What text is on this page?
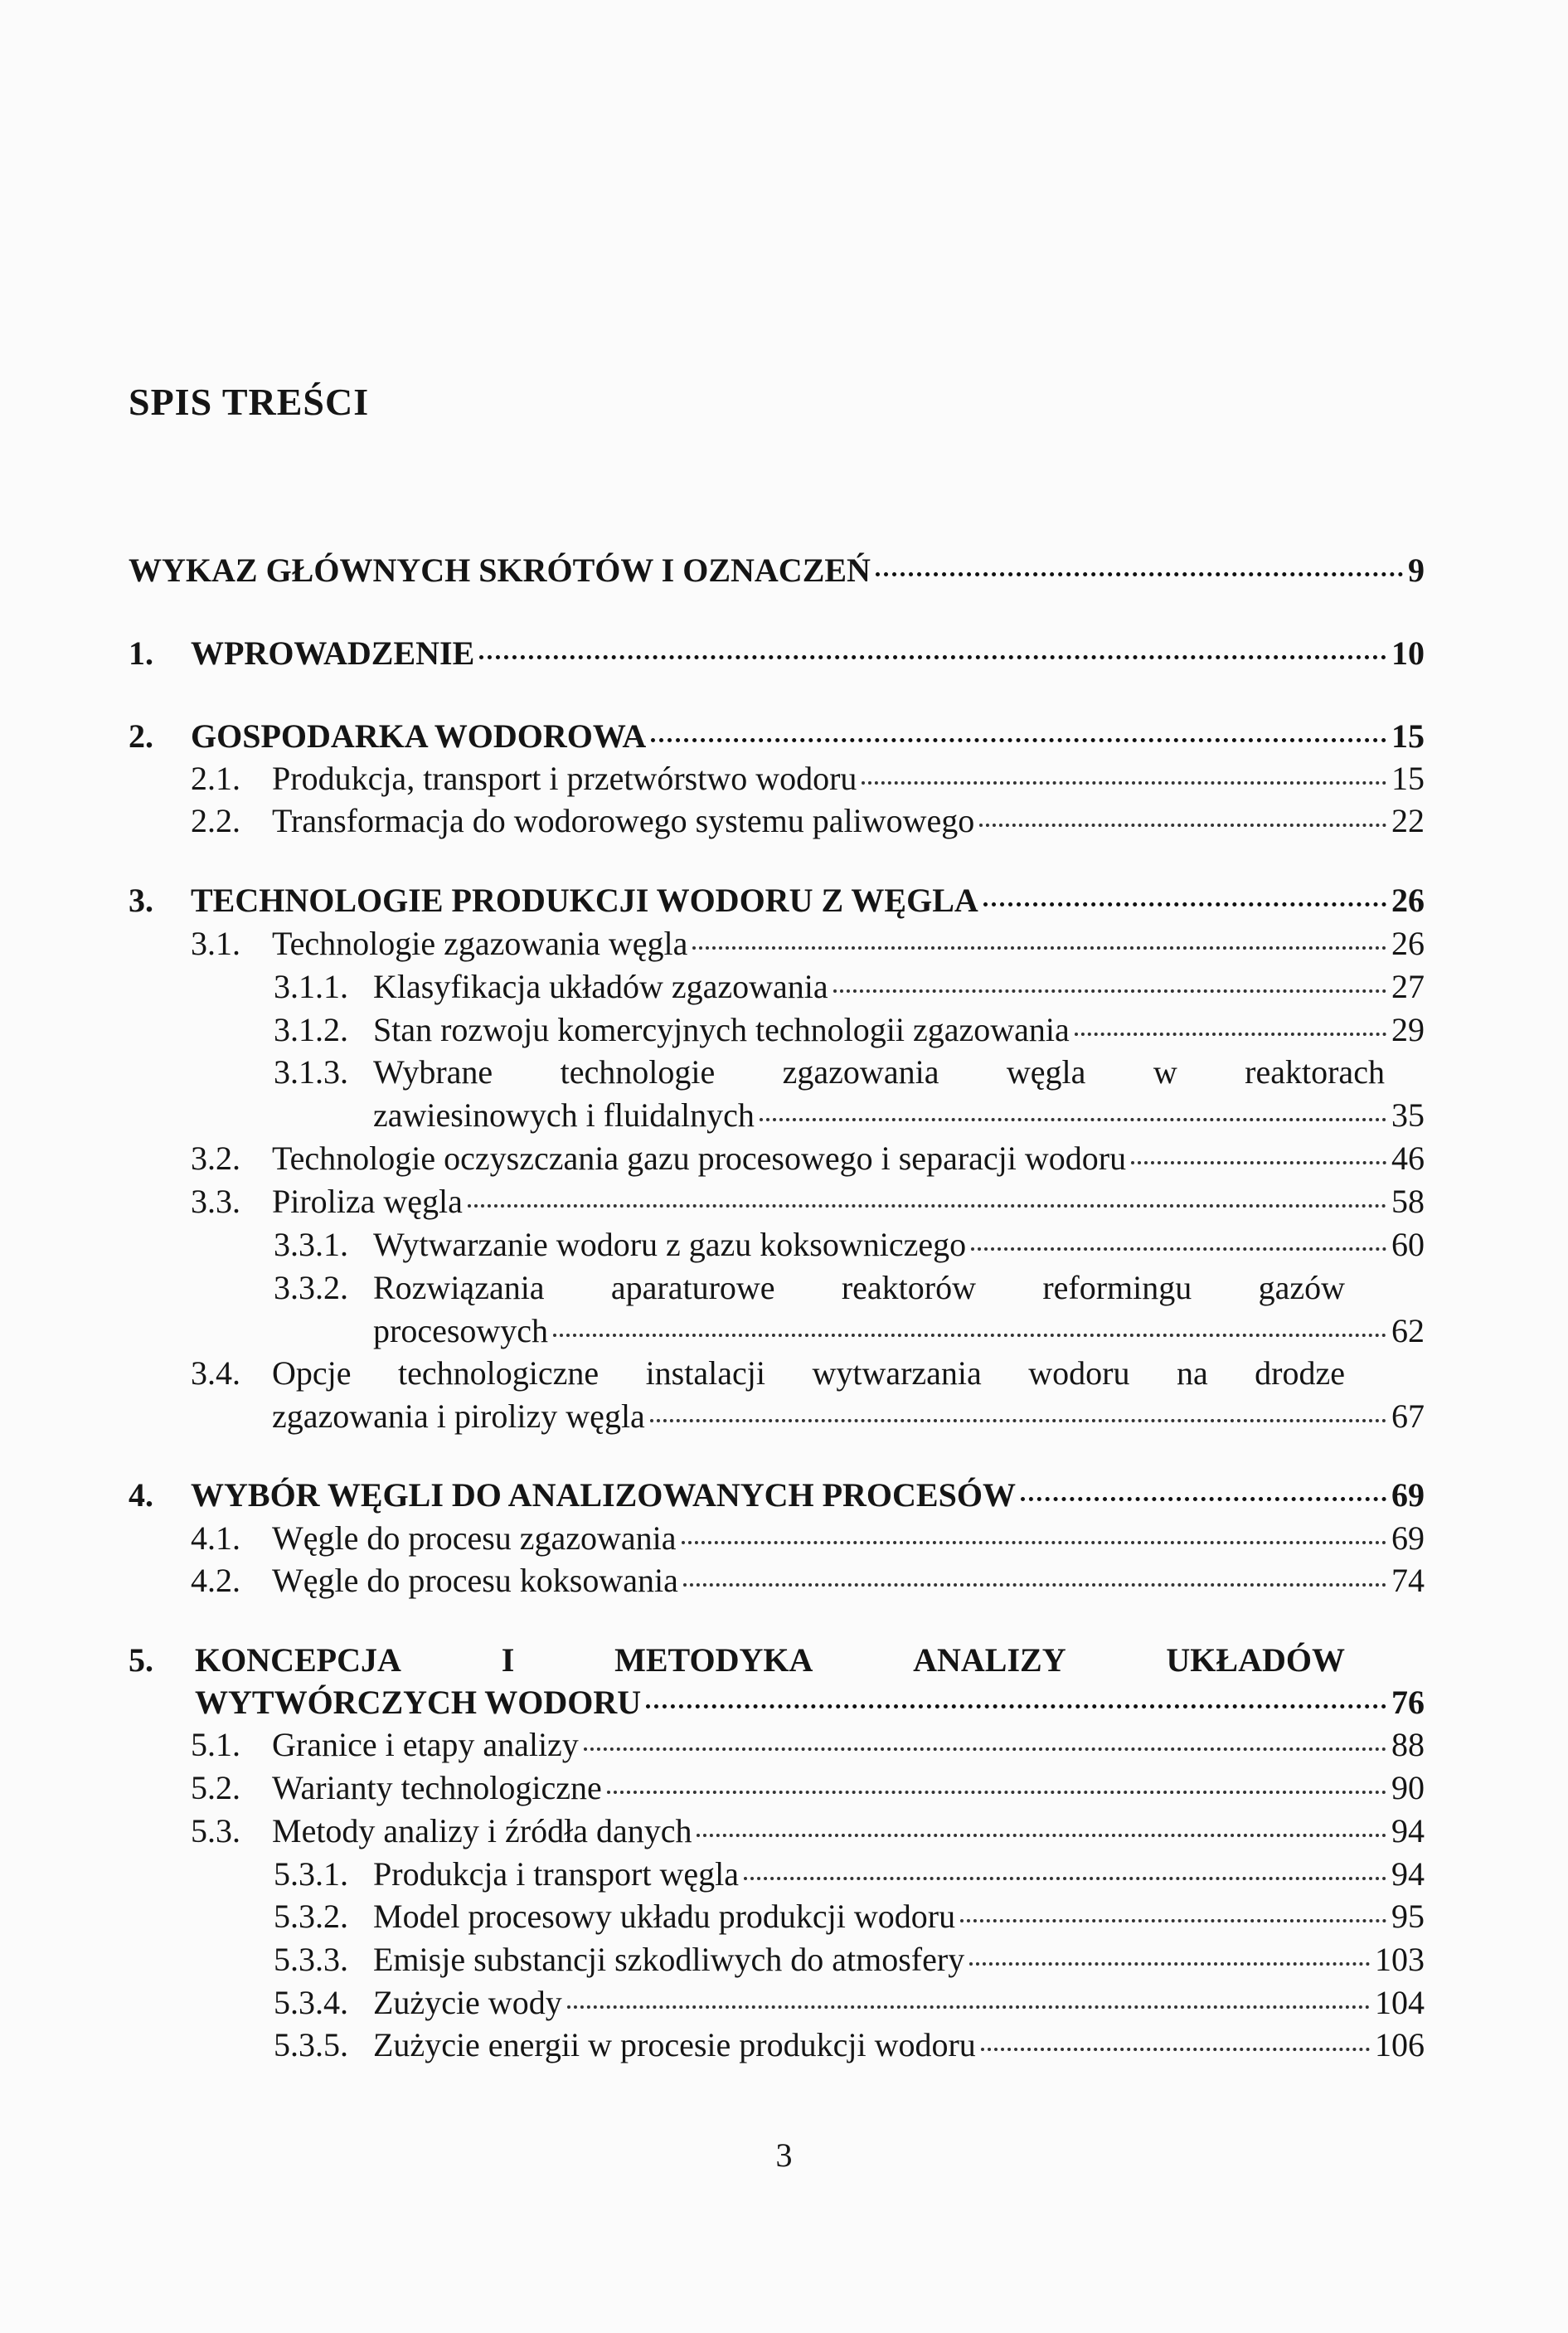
SPIS TREŚCI
WYKAZ GŁÓWNYCH SKRÓTÓW I OZNACZEŃ	9
1. WPROWADZENIE	10
2. GOSPODARKA WODOROWA	15
2.1. Produkcja, transport i przetwórstwo wodoru	15
2.2. Transformacja do wodorowego systemu paliwowego	22
3. TECHNOLOGIE PRODUKCJI WODORU Z WĘGLA	26
3.1. Technologie zgazowania węgla	26
3.1.1. Klasyfikacja układów zgazowania	27
3.1.2. Stan rozwoju komercyjnych technologii zgazowania	29
3.1.3. Wybrane technologie zgazowania węgla w reaktorach
zawiesinowych i fluidalnych	35
3.2. Technologie oczyszczania gazu procesowego i separacji wodoru	46
3.3. Piroliza węgla	58
3.3.1. Wytwarzanie wodoru z gazu koksowniczego	60
3.3.2. Rozwiązania aparaturowe reaktorów reformingu gazów
procesowych	62
3.4. Opcje technologiczne instalacji wytwarzania wodoru na drodze
zgazowania i pirolizy węgla	67
4. WYBÓR WĘGLI DO ANALIZOWANYCH PROCESÓW	69
4.1. Węgle do procesu zgazowania	69
4.2. Węgle do procesu koksowania	74
5. KONCEPCJA	I	METODYKA	ANALIZY	UKŁADÓW
WYTWÓRCZYCH WODORU	76
5.1. Granice i etapy analizy	88
5.2. Warianty technologiczne	90
5.3. Metody analizy i źródła danych	94
5.3.1. Produkcja i transport węgla	94
5.3.2. Model procesowy układu produkcji wodoru	95
5.3.3. Emisje substancji szkodliwych do atmosfery	103
5.3.4. Zużycie wody	104
5.3.5. Zużycie energii w procesie produkcji wodoru	106
3
